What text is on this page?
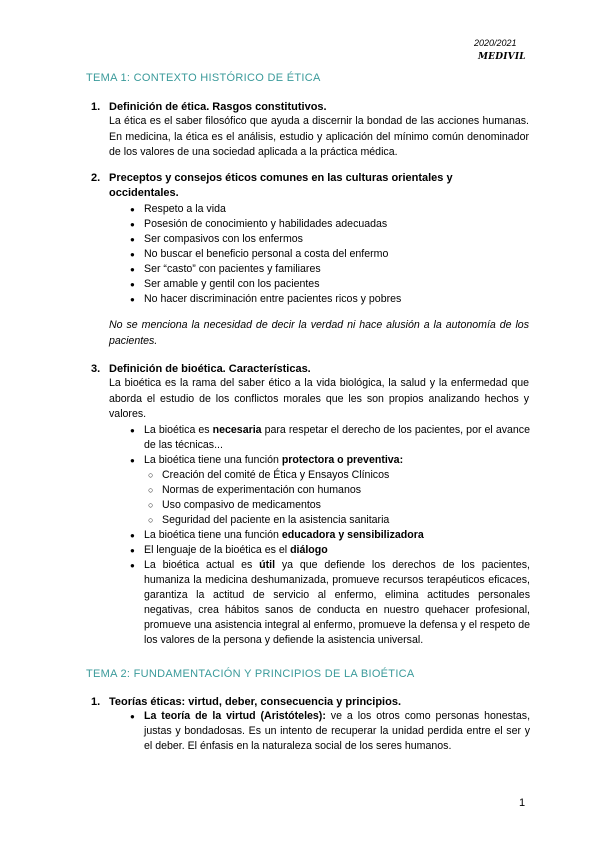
2020/2021
MEDIVIL
TEMA 1: CONTEXTO HISTÓRICO DE ÉTICA
1. Definición de ética. Rasgos constitutivos.
La ética es el saber filosófico que ayuda a discernir la bondad de las acciones humanas. En medicina, la ética es el análisis, estudio y aplicación del mínimo común denominador de los valores de una sociedad aplicada a la práctica médica.
2. Preceptos y consejos éticos comunes en las culturas orientales y
occidentales.
● Respeto a la vida
● Posesión de conocimiento y habilidades adecuadas
● Ser compasivos con los enfermos
● No buscar el beneficio personal a costa del enfermo
● Ser “casto” con pacientes y familiares
● Ser amable y gentil con los pacientes
● No hacer discriminación entre pacientes ricos y pobres
No se menciona la necesidad de decir la verdad ni hace alusión a la autonomía de los pacientes.
3. Definición de bioética. Características.
La bioética es la rama del saber ético a la vida biológica, la salud y la enfermedad que aborda el estudio de los conflictos morales que les son propios analizando hechos y valores.
● La bioética es necesaria para respetar el derecho de los pacientes, por el avance de las técnicas...
● La bioética tiene una función protectora o preventiva:
○ Creación del comité de Ética y Ensayos Clínicos
○ Normas de experimentación con humanos
○ Uso compasivo de medicamentos
○ Seguridad del paciente en la asistencia sanitaria
● La bioética tiene una función educadora y sensibilizadora
● El lenguaje de la bioética es el diálogo
● La bioética actual es útil ya que defiende los derechos de los pacientes, humaniza la medicina deshumanizada, promueve recursos terapéuticos eficaces, garantiza la actitud de servicio al enfermo, elimina actitudes personales negativas, crea hábitos sanos de conducta en nuestro quehacer profesional, promueve una asistencia integral al enfermo, promueve la defensa y el respeto de los valores de la persona y defiende la asistencia universal.
TEMA 2: FUNDAMENTACIÓN Y PRINCIPIOS DE LA BIOÉTICA
1. Teorías éticas: virtud, deber, consecuencia y principios.
● La teoría de la virtud (Aristóteles): ve a los otros como personas honestas, justas y bondadosas. Es un intento de recuperar la unidad perdida entre el ser y el deber. El énfasis en la naturaleza social de los seres humanos.
1
